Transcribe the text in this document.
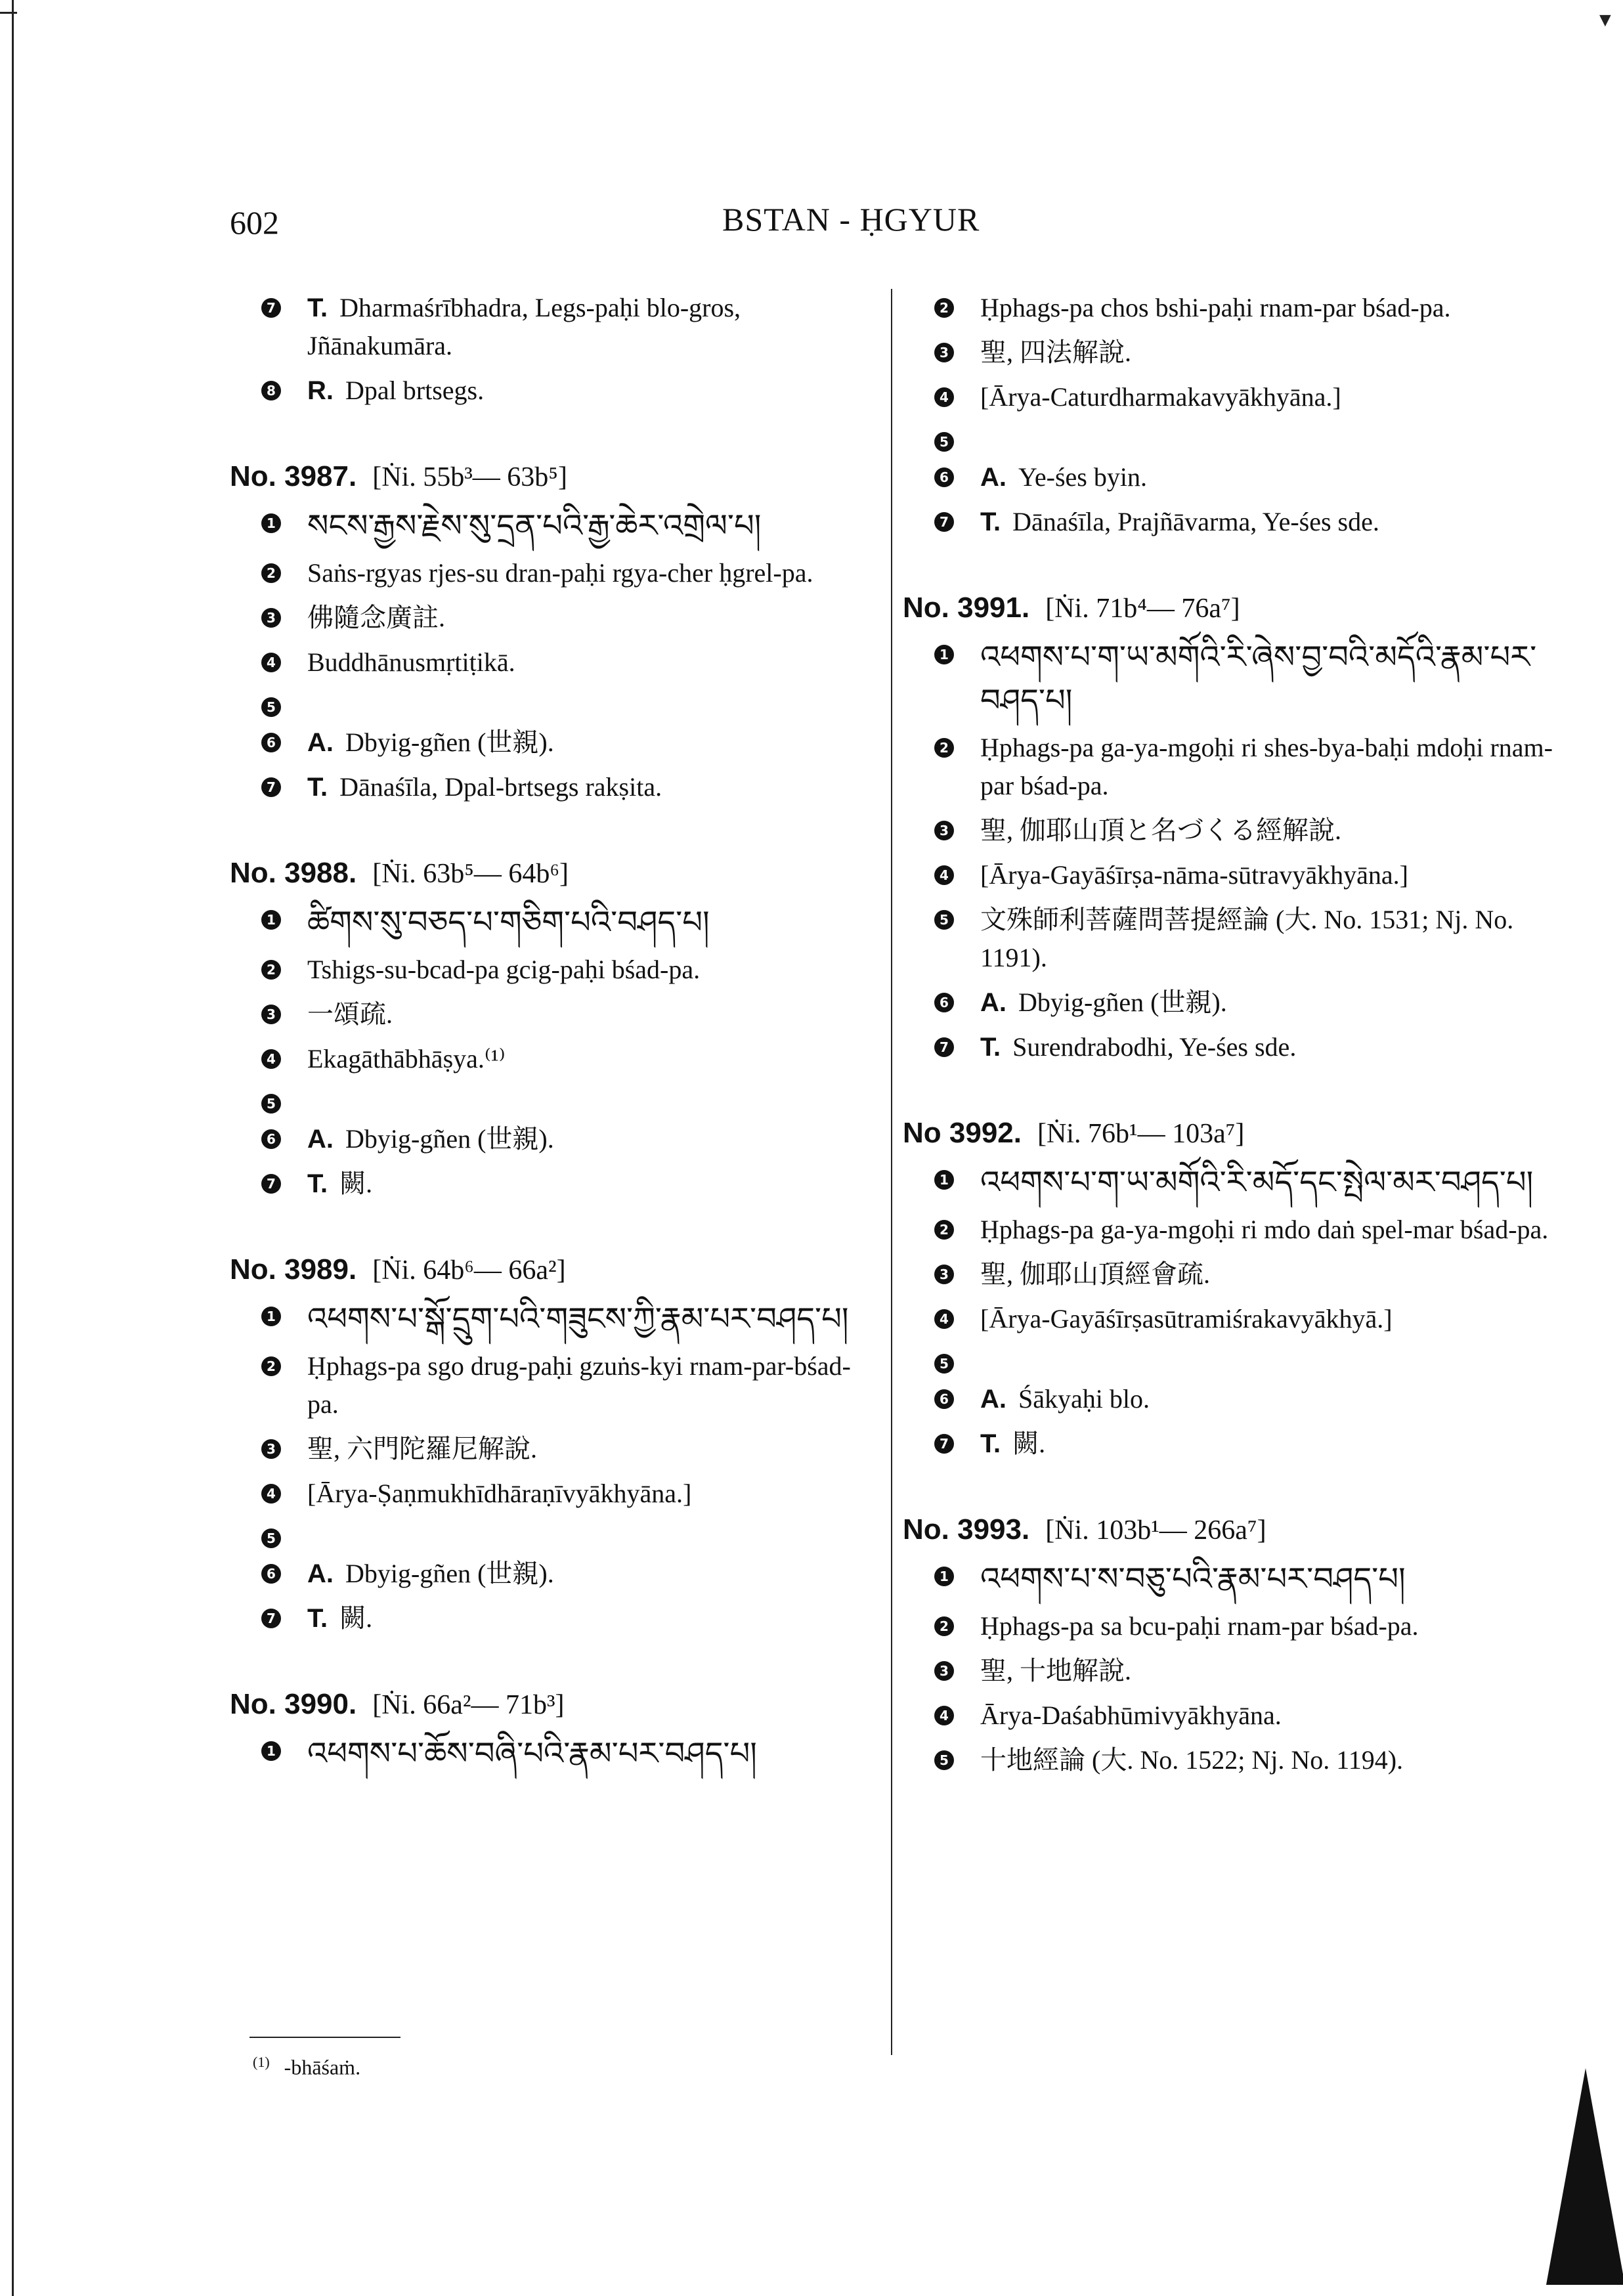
▼
602	BSTAN - ḤGYUR
7 T. Dharmaśrībhadra, Legs-paḥi blo-gros, Jñānakumāra.
8 R. Dpal brtsegs.
No. 3987. [Ṅi. 55b³— 63b⁵]
1 སངས་རྒྱས་རྗེས་སུ་དྲན་པའི་རྒྱ་ཆེར་འགྲེལ་པ།
2 Saṅs-rgyas rjes-su dran-paḥi rgya-cher ḥgrel-pa.
3 佛隨念廣註.
4 Buddhānusmṛtiṭikā.
5
6 A. Dbyig-gñen (世親).
7 T. Dānaśīla, Dpal-brtsegs rakṣita.
No. 3988. [Ṅi. 63b⁵— 64b⁶]
1 ཚིགས་སུ་བཅད་པ་གཅིག་པའི་བཤད་པ།
2 Tshigs-su-bcad-pa gcig-paḥi bśad-pa.
3 一頌疏.
4 Ekagāthābhāṣya.⁽¹⁾
5
6 A. Dbyig-gñen (世親).
7 T. 闕.
No. 3989. [Ṅi. 64b⁶— 66a²]
1 འཕགས་པ་སྒོ་དྲུག་པའི་གཟུངས་ཀྱི་རྣམ་པར་བཤད་པ།
2 Ḥphags-pa sgo drug-paḥi gzuṅs-kyi rnam-par-bśad-pa.
3 聖, 六門陀羅尼解說.
4 [Ārya-Ṣaṇmukhīdhāraṇīvyākhyāna.]
5
6 A. Dbyig-gñen (世親).
7 T. 闕.
No. 3990. [Ṅi. 66a²— 71b³]
1 འཕགས་པ་ཆོས་བཞི་པའི་རྣམ་པར་བཤད་པ།
2 Ḥphags-pa chos bshi-paḥi rnam-par bśad-pa.
3 聖, 四法解說.
4 [Ārya-Caturdharmakavyākhyāna.]
5
6 A. Ye-śes byin.
7 T. Dānaśīla, Prajñāvarma, Ye-śes sde.
No. 3991. [Ṅi. 71b⁴— 76a⁷]
1 འཕགས་པ་ག་ཡ་མགོའི་རི་ཞེས་བྱ་བའི་མདོའི་རྣམ་པར་བཤད་པ།
2 Ḥphags-pa ga-ya-mgoḥi ri shes-bya-baḥi mdoḥi rnam-par bśad-pa.
3 聖, 伽耶山頂と名づくる經解說.
4 [Ārya-Gayāśīrṣa-nāma-sūtravyākhyāna.]
5 文殊師利菩薩問菩提經論 (大. No. 1531; Nj. No. 1191).
6 A. Dbyig-gñen (世親).
7 T. Surendrabodhi, Ye-śes sde.
No 3992. [Ṅi. 76b¹— 103a⁷]
1 འཕགས་པ་ག་ཡ་མགོའི་རི་མདོ་དང་སྤེལ་མར་བཤད་པ།
2 Ḥphags-pa ga-ya-mgoḥi ri mdo daṅ spel-mar bśad-pa.
3 聖, 伽耶山頂經會疏.
4 [Ārya-Gayāśīrṣasūtramiśrakavyākhyā.]
5
6 A. Śākyaḥi blo.
7 T. 闕.
No. 3993. [Ṅi. 103b¹— 266a⁷]
1 འཕགས་པ་ས་བཅུ་པའི་རྣམ་པར་བཤད་པ།
2 Ḥphags-pa sa bcu-paḥi rnam-par bśad-pa.
3 聖, 十地解說.
4 Ārya-Daśabhūmivyākhyāna.
5 十地經論 (大. No. 1522; Nj. No. 1194).
$^{(1)}$ -bhāśaṁ.
